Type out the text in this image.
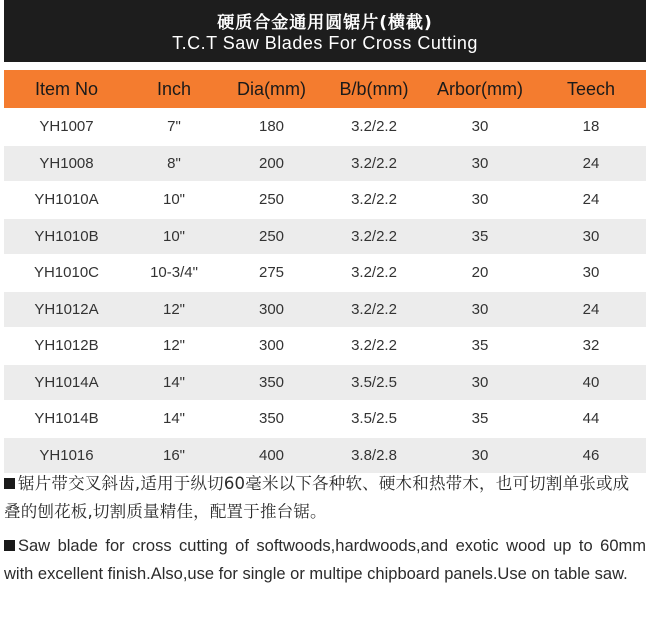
硬质合金通用圆锯片(横截)
T.C.T Saw Blades For Cross Cutting
Item No	Inch	Dia(mm)	B/b(mm)	Arbor(mm)	Teech
YH1007	7"	180	3.2/2.2	30	18
YH1008	8"	200	3.2/2.2	30	24
YH1010A	10"	250	3.2/2.2	30	24
YH1010B	10"	250	3.2/2.2	35	30
YH1010C	10-3/4"	275	3.2/2.2	20	30
YH1012A	12"	300	3.2/2.2	30	24
YH1012B	12"	300	3.2/2.2	35	32
YH1014A	14"	350	3.5/2.5	30	40
YH1014B	14"	350	3.5/2.5	35	44
YH1016	16"	400	3.8/2.8	30	46

锯片带交叉斜齿,适用于纵切60毫米以下各种软、硬木和热带木，也可切割单张或成叠的刨花板,切割质量精佳，配置于推台锯。

Saw blade for cross cutting of softwoods,hardwoods,and exotic wood up to 60mm with excellent finish.Also,use for single or multipe chipboard panels.Use on table saw.
